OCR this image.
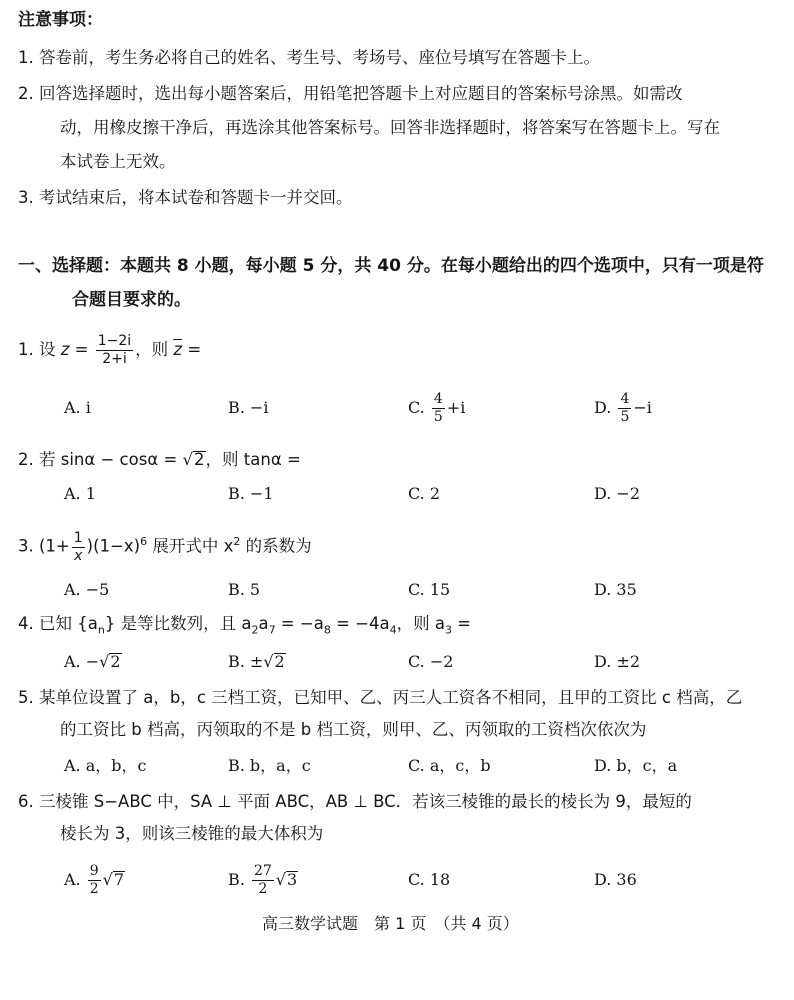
注意事项：
1. 答卷前，考生务必将自己的姓名、考生号、考场号、座位号填写在答题卡上。
2. 回答选择题时，选出每小题答案后，用铅笔把答题卡上对应题目的答案标号涂黑。如需改
动，用橡皮擦干净后，再选涂其他答案标号。回答非选择题时，将答案写在答题卡上。写在
本试卷上无效。
3. 考试结束后，将本试卷和答题卡一并交回。
一、选择题：本题共 8 小题，每小题 5 分，共 40 分。在每小题给出的四个选项中，只有一项是符
合题目要求的。
1. 设 $z = \frac{1-2i}{2+i}$ ，则 $\overline{z}$ =
A. i	B. −i	C. $\frac{4}{5} +i$	D. $\frac{4}{5} -i$
2. 若 sinα − cosα = √2，则 tanα =
A. 1	B. −1	C. 2	D. −2
3. $(1+ \frac{1}{x} )(1-x)^6$ 展开式中 $x^2$ 的系数为
A. −5	B. 5	C. 15	D. 35
4. 已知 $\{a_n\}$ 是等比数列，且 $a_2a_7 = -a_8 = -4a_4$，则 $a_3$ =
A. −√2	B. ±√2	C. −2	D. ±2
5. 某单位设置了 a，b，c 三档工资，已知甲、乙、丙三人工资各不相同，且甲的工资比 c 档高，乙
的工资比 b 档高，丙领取的不是 b 档工资，则甲、乙、丙领取的工资档次依次为
A. a，b，c	B. b，a，c	C. a，c，b	D. b，c，a
6. 三棱锥 S−ABC 中，SA ⊥ 平面 ABC，AB ⊥ BC．若该三棱锥的最长的棱长为 9，最短的
棱长为 3，则该三棱锥的最大体积为
A. $\frac{9}{2} √7$	B. $\frac{27}{2} √3$	C. 18	D. 36
高三数学试题　第 1 页　（共 4 页）
